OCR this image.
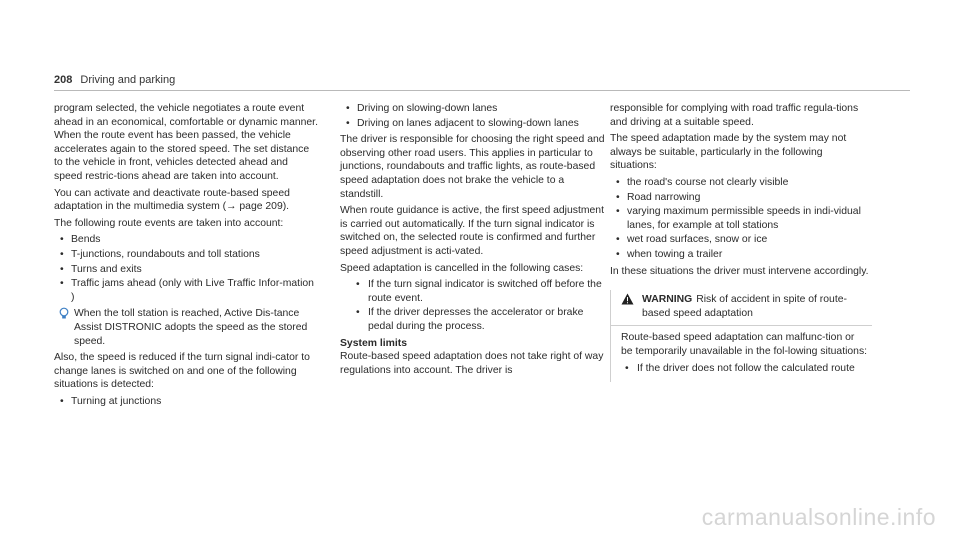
208 Driving and parking

program selected, the vehicle negotiates a route event ahead in an economical, comfortable or dynamic manner. When the route event has been passed, the vehicle accelerates again to the stored speed. The set distance to the vehicle in front, vehicles detected ahead and speed restric-tions ahead are taken into account.

You can activate and deactivate route-based speed adaptation in the multimedia system (→ page 209).

The following route events are taken into account:

• Bends
• T-junctions, roundabouts and toll stations
• Turns and exits
• Traffic jams ahead (only with Live Traffic Infor-mation )
When the toll station is reached, Active Dis-tance Assist DISTRONIC adopts the speed as the stored speed.

Also, the speed is reduced if the turn signal indi-cator to change lanes is switched on and one of the following situations is detected:

• Turning at junctions
• Driving on slowing-down lanes
• Driving on lanes adjacent to slowing-down lanes

The driver is responsible for choosing the right speed and observing other road users. This applies in particular to junctions, roundabouts and traffic lights, as route-based speed adaptation does not brake the vehicle to a standstill.

When route guidance is active, the first speed adjustment is carried out automatically. If the turn signal indicator is switched on, the selected route is confirmed and further speed adjustment is acti-vated.

Speed adaptation is cancelled in the following cases:

• If the turn signal indicator is switched off before the route event.
• If the driver depresses the accelerator or brake pedal during the process.
System limits

Route-based speed adaptation does not take right of way regulations into account. The driver is

responsible for complying with road traffic regula-tions and driving at a suitable speed.

The speed adaptation made by the system may not always be suitable, particularly in the following situations:

• the road's course not clearly visible
• Road narrowing
• varying maximum permissible speeds in indi-vidual lanes, for example at toll stations
• wet road surfaces, snow or ice
• when towing a trailer

In these situations the driver must intervene accordingly.

WARNING Risk of accident in spite of route-based speed adaptation

Route-based speed adaptation can malfunc-tion or be temporarily unavailable in the fol-lowing situations:

• If the driver does not follow the calculated route
carmanualsonline.info
